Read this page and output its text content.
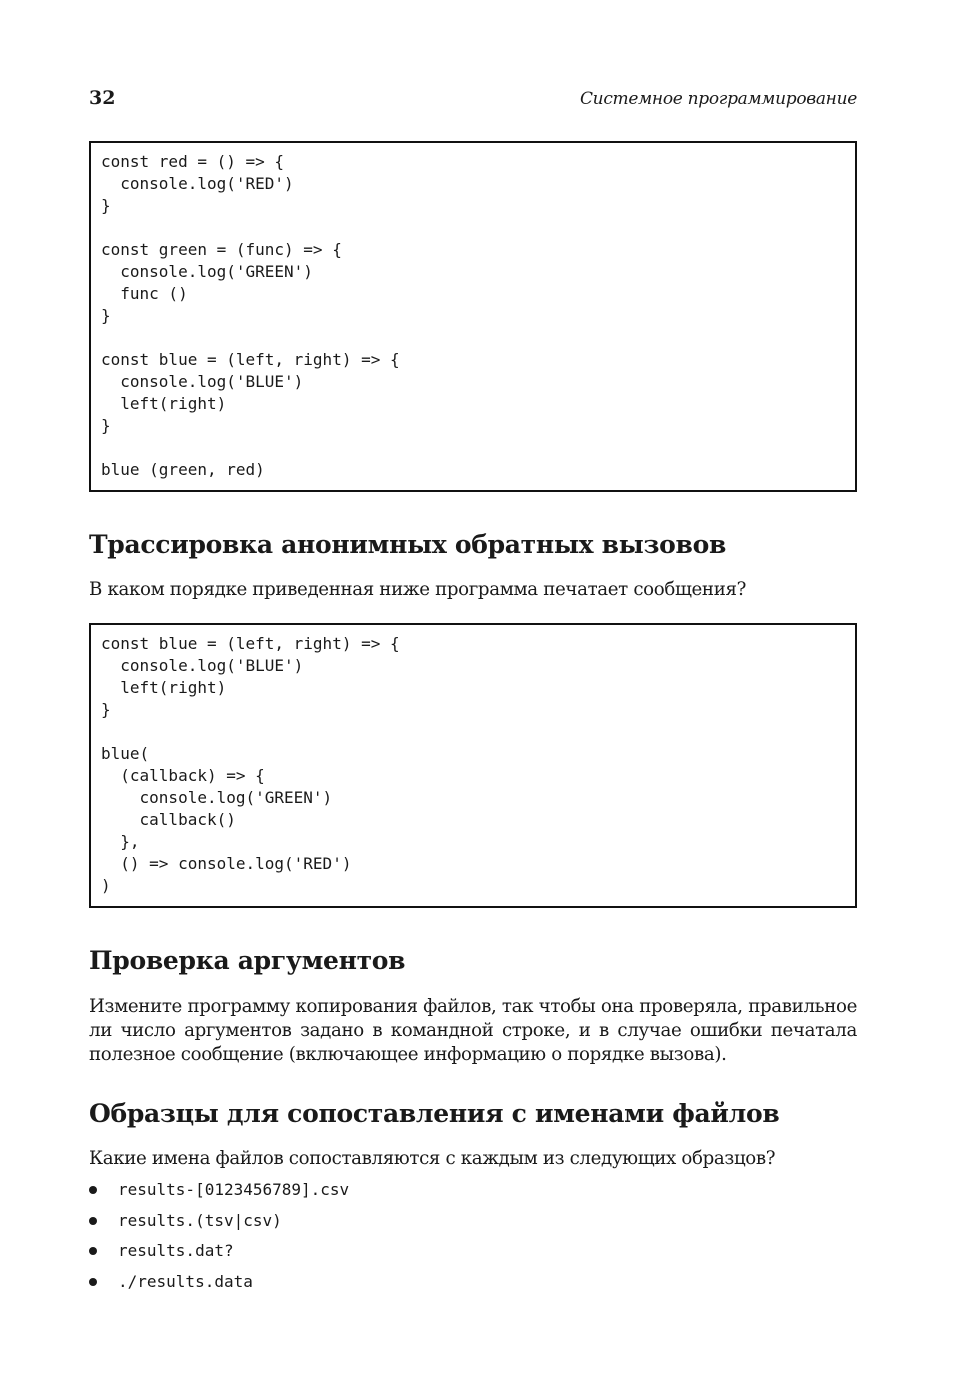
32	Системное программирование
const red = () => {
console.log('RED')
}

const green = (func) => {
console.log('GREEN')
func ()
}

const blue = (left, right) => {
console.log('BLUE')
left(right)
}

blue (green, red)
Трассировка анонимных обратных вызовов

В каком порядке приведенная ниже программа печатает сообщения?

const blue = (left, right) => {
console.log('BLUE')
left(right)
}

blue(
(callback) => {
console.log('GREEN')
callback()
},
() => console.log('RED')
)
Проверка аргументов

Измените программу копирования файлов, так чтобы она проверяла, правильное ли число аргументов задано в командной строке, и в случае ошибки печатала полезное сообщение (включающее информацию о порядке вызова).

Образцы для сопоставления с именами файлов

Какие имена файлов сопоставляются с каждым из следующих образцов?

results-[0123456789].csv
results.(tsv|csv)
results.dat?
./results.data
